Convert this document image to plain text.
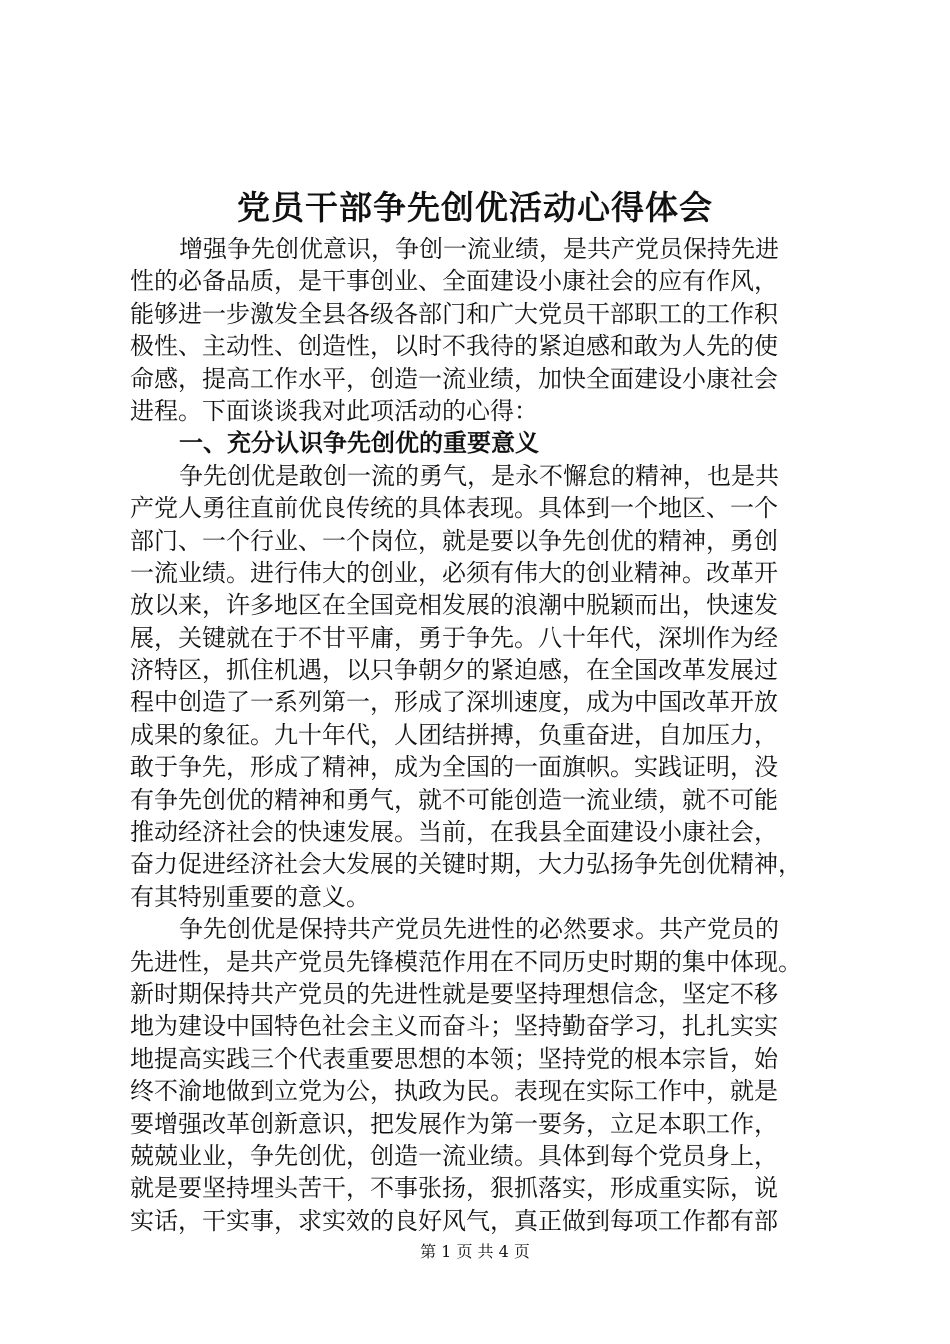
党员干部争先创优活动心得体会
增强争先创优意识，争创一流业绩，是共产党员保持先进
性的必备品质，是干事创业、全面建设小康社会的应有作风，
能够进一步激发全县各级各部门和广大党员干部职工的工作积
极性、主动性、创造性，以时不我待的紧迫感和敢为人先的使
命感，提高工作水平，创造一流业绩，加快全面建设小康社会
进程。下面谈谈我对此项活动的心得：
一、充分认识争先创优的重要意义
争先创优是敢创一流的勇气，是永不懈怠的精神，也是共
产党人勇往直前优良传统的具体表现。具体到一个地区、一个
部门、一个行业、一个岗位，就是要以争先创优的精神，勇创
一流业绩。进行伟大的创业，必须有伟大的创业精神。改革开
放以来，许多地区在全国竞相发展的浪潮中脱颖而出，快速发
展，关键就在于不甘平庸，勇于争先。八十年代，深圳作为经
济特区，抓住机遇，以只争朝夕的紧迫感，在全国改革发展过
程中创造了一系列第一，形成了深圳速度，成为中国改革开放
成果的象征。九十年代，人团结拼搏，负重奋进，自加压力，
敢于争先，形成了精神，成为全国的一面旗帜。实践证明，没
有争先创优的精神和勇气，就不可能创造一流业绩，就不可能
推动经济社会的快速发展。当前，在我县全面建设小康社会，
奋力促进经济社会大发展的关键时期，大力弘扬争先创优精神，
有其特别重要的意义。
争先创优是保持共产党员先进性的必然要求。共产党员的
先进性，是共产党员先锋模范作用在不同历史时期的集中体现。
新时期保持共产党员的先进性就是要坚持理想信念，坚定不移
地为建设中国特色社会主义而奋斗；坚持勤奋学习，扎扎实实
地提高实践三个代表重要思想的本领；坚持党的根本宗旨，始
终不渝地做到立党为公，执政为民。表现在实际工作中，就是
要增强改革创新意识，把发展作为第一要务，立足本职工作，
兢兢业业，争先创优，创造一流业绩。具体到每个党员身上，
就是要坚持埋头苦干，不事张扬，狠抓落实，形成重实际，说
实话，干实事，求实效的良好风气，真正做到每项工作都有部
第 1 页 共 4 页
